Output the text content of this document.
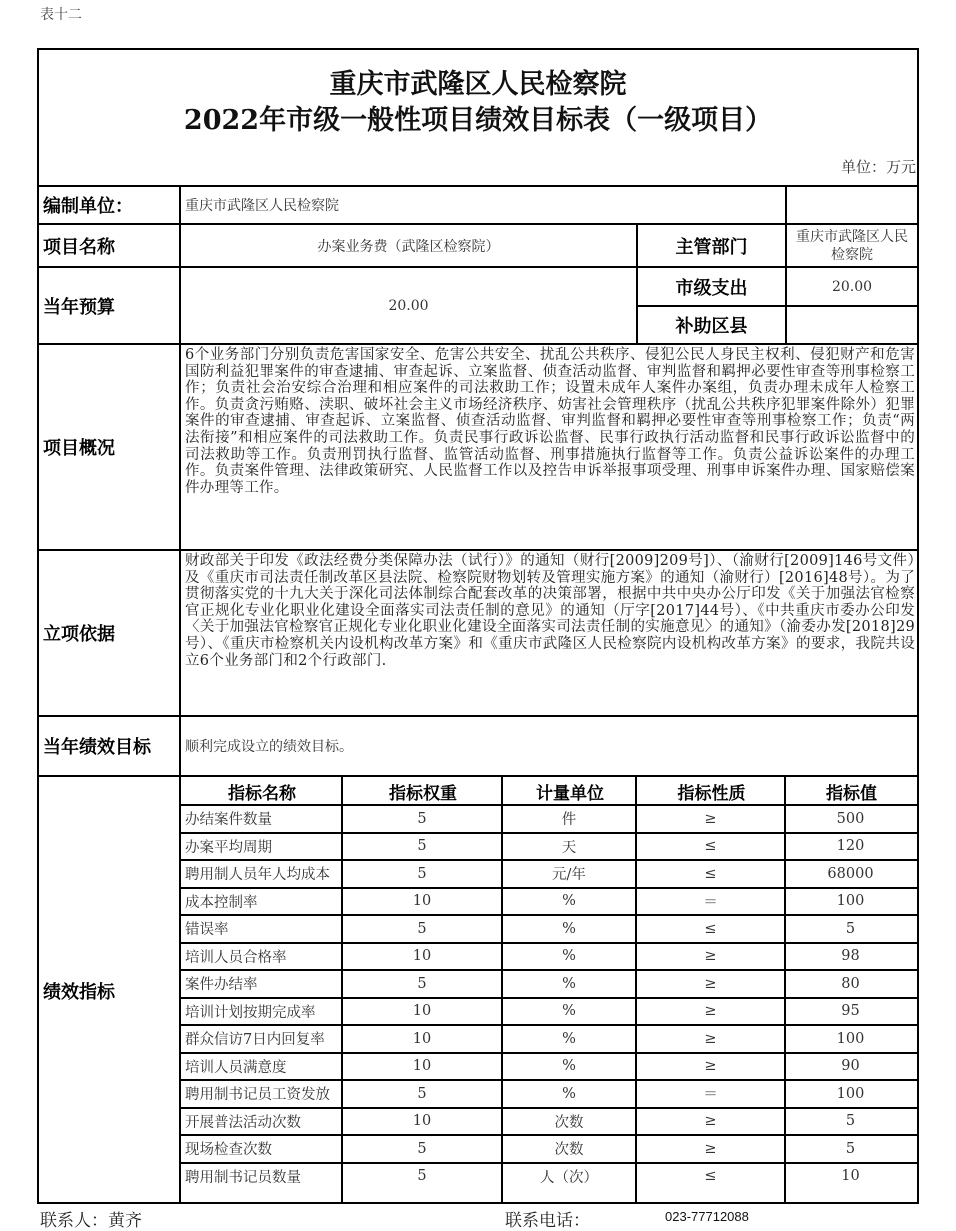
表十二
重庆市武隆区人民检察院
2022年市级一般性项目绩效目标表（一级项目）
单位：万元
编制单位：	重庆市武隆区人民检察院
项目名称	办案业务费（武隆区检察院）	主管部门	重庆市武隆区人民检察院
当年预算	20.00
市级支出	20.00
补助区县
项目概况
6个业务部门分别负责危害国家安全、危害公共安全、扰乱公共秩序、侵犯公民人身民主权利、侵犯财产和危害国防利益犯罪案件的审查逮捕、审查起诉、立案监督、侦查活动监督、审判监督和羁押必要性审查等刑事检察工作；负责社会治安综合治理和相应案件的司法救助工作；设置未成年人案件办案组，负责办理未成年人检察工作。负责贪污贿赂、渎职、破坏社会主义市场经济秩序、妨害社会管理秩序（扰乱公共秩序犯罪案件除外）犯罪案件的审查逮捕、审查起诉、立案监督、侦查活动监督、审判监督和羁押必要性审查等刑事检察工作；负责“两法衔接”和相应案件的司法救助工作。负责民事行政诉讼监督、民事行政执行活动监督和民事行政诉讼监督中的司法救助等工作。负责刑罚执行监督、监管活动监督、刑事措施执行监督等工作。负责公益诉讼案件的办理工作。负责案件管理、法律政策研究、人民监督工作以及控告申诉举报事项受理、刑事申诉案件办理、国家赔偿案件办理等工作。
立项依据
财政部关于印发《政法经费分类保障办法（试行）》的通知（财行[2009]209号]）、（渝财行[2009]146号文件）及《重庆市司法责任制改革区县法院、检察院财物划转及管理实施方案》的通知（渝财行）[2016]48号）。为了贯彻落实党的十九大关于深化司法体制综合配套改革的决策部署，根据中共中央办公厅印发《关于加强法官检察官正规化专业化职业化建设全面落实司法责任制的意见》的通知（厅字[2017]44号）、《中共重庆市委办公印发〈关于加强法官检察官正规化专业化职业化建设全面落实司法责任制的实施意见〉的通知》（渝委办发[2018]29号）、《重庆市检察机关内设机构改革方案》和《重庆市武隆区人民检察院内设机构改革方案》的要求，我院共设立6个业务部门和2个行政部门.
当年绩效目标	顺利完成设立的绩效目标。
绩效指标
指标名称	指标权重	计量单位	指标性质	指标值
办结案件数量	5	件	≥	500
办案平均周期	5	天	≤	120
聘用制人员年人均成本	5	元/年	≤	68000
成本控制率	10	%	＝	100
错误率	5	%	≤	5
培训人员合格率	10	%	≥	98
案件办结率	5	%	≥	80
培训计划按期完成率	10	%	≥	95
群众信访7日内回复率	10	%	≥	100
培训人员满意度	10	%	≥	90
聘用制书记员工资发放	5	%	＝	100
开展普法活动次数	10	次数	≥	5
现场检查次数	5	次数	≥	5
聘用制书记员数量	5	人（次）	≤	10
联系人：黄齐	联系电话：	023-77712088
